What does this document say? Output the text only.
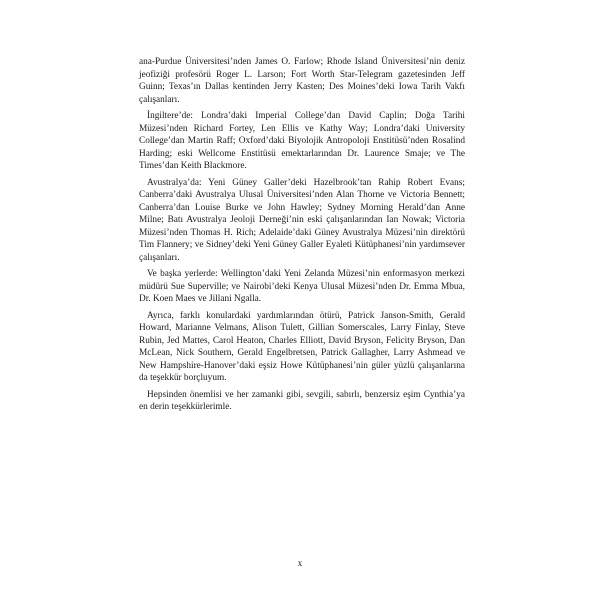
ana-Purdue Üniversitesi’nden James O. Farlow; Rhode Island Üniversitesi’nin deniz jeofiziği profesörü Roger L. Larson; Fort Worth Star-Telegram gazetesinden Jeff Guinn; Texas’ın Dallas kentinden Jerry Kasten; Des Moines’deki Iowa Tarih Vakfı çalışanları.

İngiltere’de: Londra’daki Imperial College’dan David Caplin; Doğa Tarihi Müzesi’nden Richard Fortey, Len Ellis ve Kathy Way; Londra’daki University College’dan Martin Raff; Oxford’daki Biyolojik Antropoloji Enstitüsü’nden Rosalind Harding; eski Wellcome Enstitüsü emektarlarından Dr. Laurence Smaje; ve The Times’dan Keith Blackmore.

Avustralya’da: Yeni Güney Galler’deki Hazelbrook’tan Rahip Robert Evans; Canberra’daki Avustralya Ulusal Üniversitesi’nden Alan Thorne ve Victoria Bennett; Canberra’dan Louise Burke ve John Hawley; Sydney Morning Herald’dan Anne Milne; Batı Avustralya Jeoloji Derneği’nin eski çalışanlarından Ian Nowak; Victoria Müzesi’nden Thomas H. Rich; Adelaide’daki Güney Avustralya Müzesi’nin direktörü Tim Flannery; ve Sidney’deki Yeni Güney Galler Eyaleti Kütüphanesi’nin yardımsever çalışanları.

Ve başka yerlerde: Wellington’daki Yeni Zelanda Müzesi’nin enformasyon merkezi müdürü Sue Superville; ve Nairobi’deki Kenya Ulusal Müzesi’nden Dr. Emma Mbua, Dr. Koen Maes ve Jillani Ngalla.

Ayrıca, farklı konulardaki yardımlarından ötürü, Patrick Janson-Smith, Gerald Howard, Marianne Velmans, Alison Tulett, Gillian Somerscales, Larry Finlay, Steve Rubin, Jed Mattes, Carol Heaton, Charles Elliott, David Bryson, Felicity Bryson, Dan McLean, Nick Southern, Gerald Engelbretsen, Patrick Gallagher, Larry Ashmead ve New Hampshire-Hanover’daki eşsiz Howe Kütüphanesi’nin güler yüzlü çalışanlarına da teşekkür borçluyum.

Hepsinden önemlisi ve her zamanki gibi, sevgili, sabırlı, benzersiz eşim Cynthia’ya en derin teşekkürlerimle.

x
